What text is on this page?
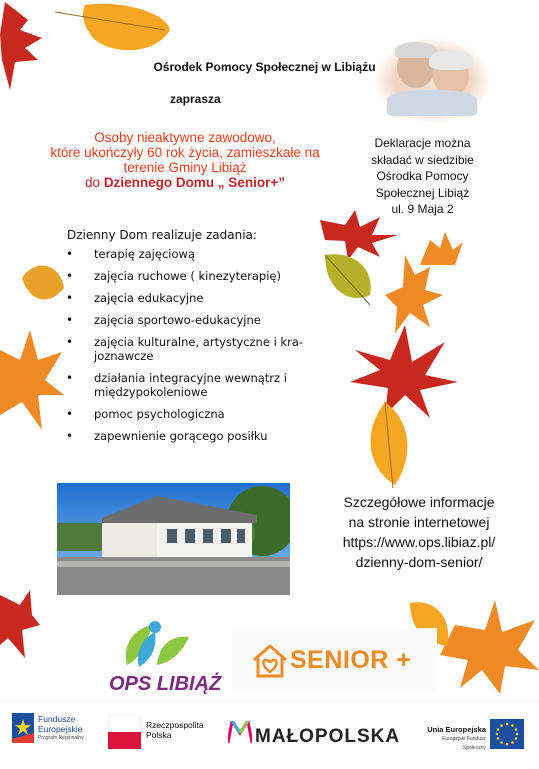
Ośrodek Pomocy Społecznej w Libiążu
zaprasza
Osoby nieaktywne zawodowo,
które ukończyły 60 rok życia, zamieszkałe na
terenie Gminy Libiąż
do Dziennego Domu „ Senior+”
Deklaracje można
składać w siedzibie
Ośrodka Pomocy
Społecznej Libiąż
ul. 9 Maja 2
Dzienny Dom realizuje zadania:
• terapię zajęciową
• zajęcia ruchowe ( kinezyterapię)
• zajęcia edukacyjne
• zajęcia sportowo-edukacyjne
• zajęcia kulturalne, artystyczne i kra-joznawcze
• działania integracyjne wewnątrz i międzypokoleniowe
• pomoc psychologiczna
• zapewnienie gorącego posiłku
Szczegółowe informacje
na stronie internetowej
https://www.ops.libiaz.pl/
dzienny-dom-senior/
OPS LIBIĄŻ
SENIOR +
Fundusze
Europejskie
Program Regionalny
Rzeczpospolita
Polska	MAŁOPOLSKA	Unia Europejska
Europejski Fundusz Społeczny
